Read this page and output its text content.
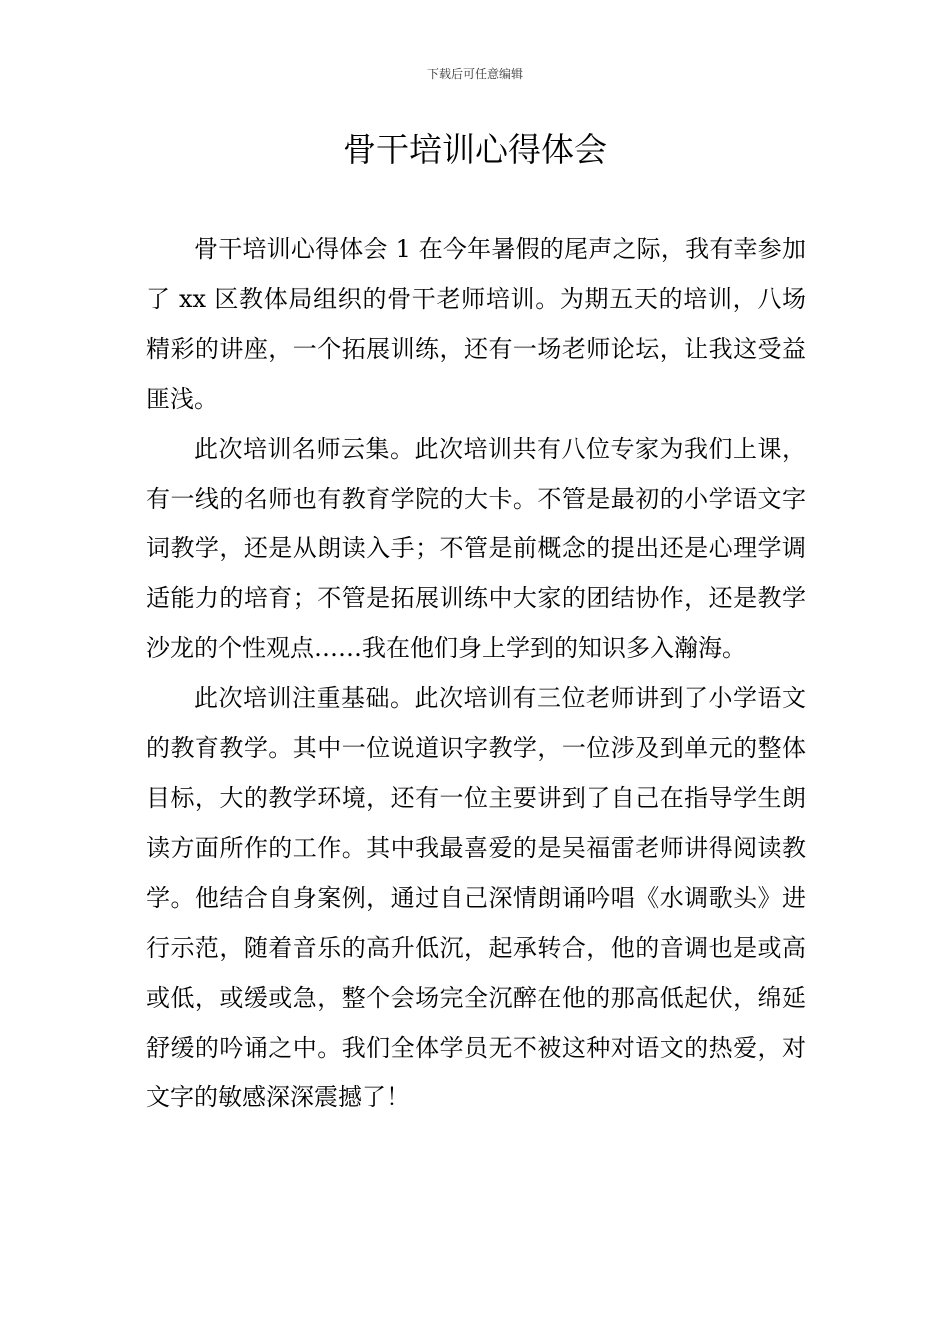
下载后可任意编辑
骨干培训心得体会

骨干培训心得体会 1 在今年暑假的尾声之际，我有幸参加了 xx 区教体局组织的骨干老师培训。为期五天的培训，八场精彩的讲座，一个拓展训练，还有一场老师论坛，让我这受益匪浅。

此次培训名师云集。此次培训共有八位专家为我们上课，有一线的名师也有教育学院的大卡。不管是最初的小学语文字词教学，还是从朗读入手；不管是前概念的提出还是心理学调适能力的培育；不管是拓展训练中大家的团结协作，还是教学沙龙的个性观点……我在他们身上学到的知识多入瀚海。

此次培训注重基础。此次培训有三位老师讲到了小学语文的教育教学。其中一位说道识字教学，一位涉及到单元的整体目标，大的教学环境，还有一位主要讲到了自己在指导学生朗读方面所作的工作。其中我最喜爱的是吴福雷老师讲得阅读教学。他结合自身案例，通过自己深情朗诵吟唱《水调歌头》进行示范，随着音乐的高升低沉，起承转合，他的音调也是或高或低，或缓或急，整个会场完全沉醉在他的那高低起伏，绵延舒缓的吟诵之中。我们全体学员无不被这种对语文的热爱，对文字的敏感深深震撼了！
